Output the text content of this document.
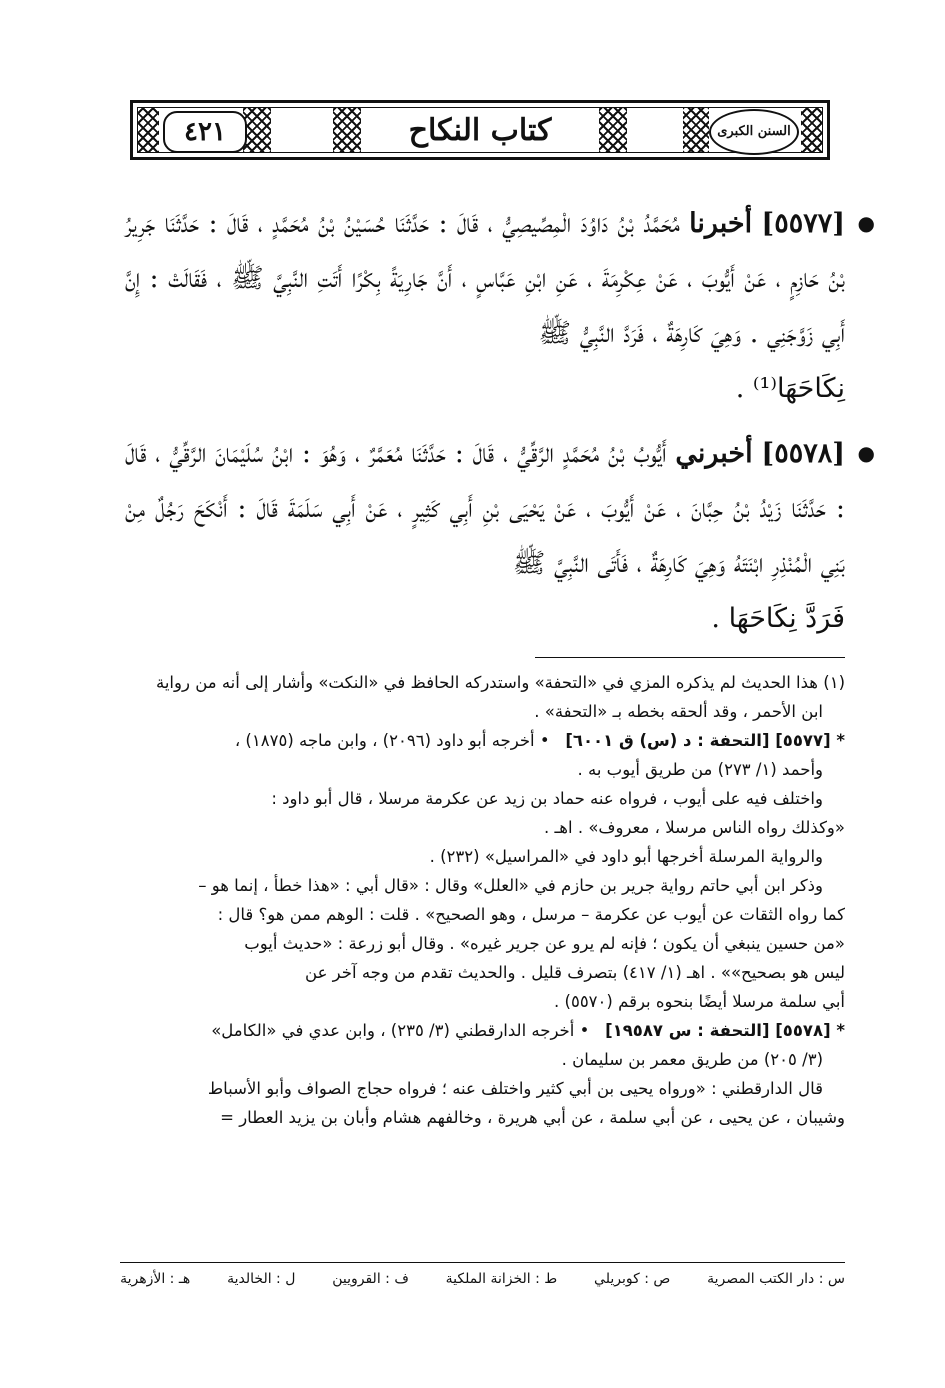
٤٢١	كتاب النكاح	السنن الكبرى
●
[٥٥٧٧] أخبرنا مُحَمَّدُ بْنُ دَاوُدَ الْمِصِّيصِيُّ ، قَالَ : حَدَّثَنَا حُسَيْنُ بْنُ مُحَمَّدٍ ، قَالَ : حَدَّثَنَا جَرِيرُ بْنُ حَازِمٍ ، عَنْ أَيُّوبَ ، عَنْ عِكْرِمَةَ ، عَنِ ابْنِ عَبَّاسٍ ، أَنَّ جَارِيَةً بِكْرًا أَتَتِ النَّبِيَّ ﷺ ، فَقَالَتْ : إِنَّ أَبِي زَوَّجَنِي . وَهِيَ كَارِهَةٌ ، فَرَدَّ النَّبِيُّ ﷺ
نِكَاحَهَا⁽¹⁾ .
●
[٥٥٧٨] أخبرني أَيُّوبُ بْنُ مُحَمَّدٍ الرَّقِّيُّ ، قَالَ : حَدَّثَنَا مُعَمَّرٌ ، وَهُوَ : ابْنُ سُلَيْمَانَ الرَّقِّيُّ ، قَالَ : حَدَّثَنَا زَيْدُ بْنُ حِبَّانَ ، عَنْ أَيُّوبَ ، عَنْ يَحْيَى بْنِ أَبِي كَثِيرٍ ، عَنْ أَبِي سَلَمَةَ قَالَ : أَنْكَحَ رَجُلٌ مِنْ بَنِي الْمُنْذِرِ ابْنَتَهُ وَهِيَ كَارِهَةٌ ، فَأَتَى النَّبِيَّ ﷺ
فَرَدَّ نِكَاحَهَا .

(١) هذا الحديث لم يذكره المزي في «التحفة» واستدركه الحافظ في «النكت» وأشار إلى أنه من رواية

ابن الأحمر ، وقد ألحقه بخطه بـ «التحفة» .

* [٥٥٧٧] [التحفة : د (س) ق ٦٠٠١]   • أخرجه أبو داود (٢٠٩٦) ، وابن ماجه (١٨٧٥) ،

وأحمد (١/ ٢٧٣) من طريق أيوب به .

واختلف فيه على أيوب ، فرواه عنه حماد بن زيد عن عكرمة مرسلا ، قال أبو داود :

«وكذلك رواه الناس مرسلا ، معروف» . اهـ .

والرواية المرسلة أخرجها أبو داود في «المراسيل» (٢٣٢) .

وذكر ابن أبي حاتم رواية جرير بن حازم في «العلل» وقال : «قال أبي : «هذا خطأ ، إنما هو –

كما رواه الثقات عن أيوب عن عكرمة – مرسل ، وهو الصحيح» . قلت : الوهم ممن هو؟ قال :

«من حسين ينبغي أن يكون ؛ فإنه لم يرو عن جرير غيره» . وقال أبو زرعة : «حديث أيوب

ليس هو بصحيح»» . اهـ (١/ ٤١٧) بتصرف قليل . والحديث تقدم من وجه آخر عن

أبي سلمة مرسلا أيضًا بنحوه برقم (٥٥٧٠) .

* [٥٥٧٨] [التحفة : س ١٩٥٨٧]   • أخرجه الدارقطني (٣/ ٢٣٥) ، وابن عدي في «الكامل»

(٣/ ٢٠٥) من طريق معمر بن سليمان .

قال الدارقطني : «ورواه يحيى بن أبي كثير واختلف عنه ؛ فرواه حجاج الصواف وأبو الأسباط

وشيبان ، عن يحيى ، عن أبي سلمة ، عن أبي هريرة ، وخالفهم هشام وأبان بن يزيد العطار =

س : دار الكتب المصرية
ص : كوبريلي
ط : الخزانة الملكية
ف : القرويين
ل : الخالدية
هـ : الأزهرية
